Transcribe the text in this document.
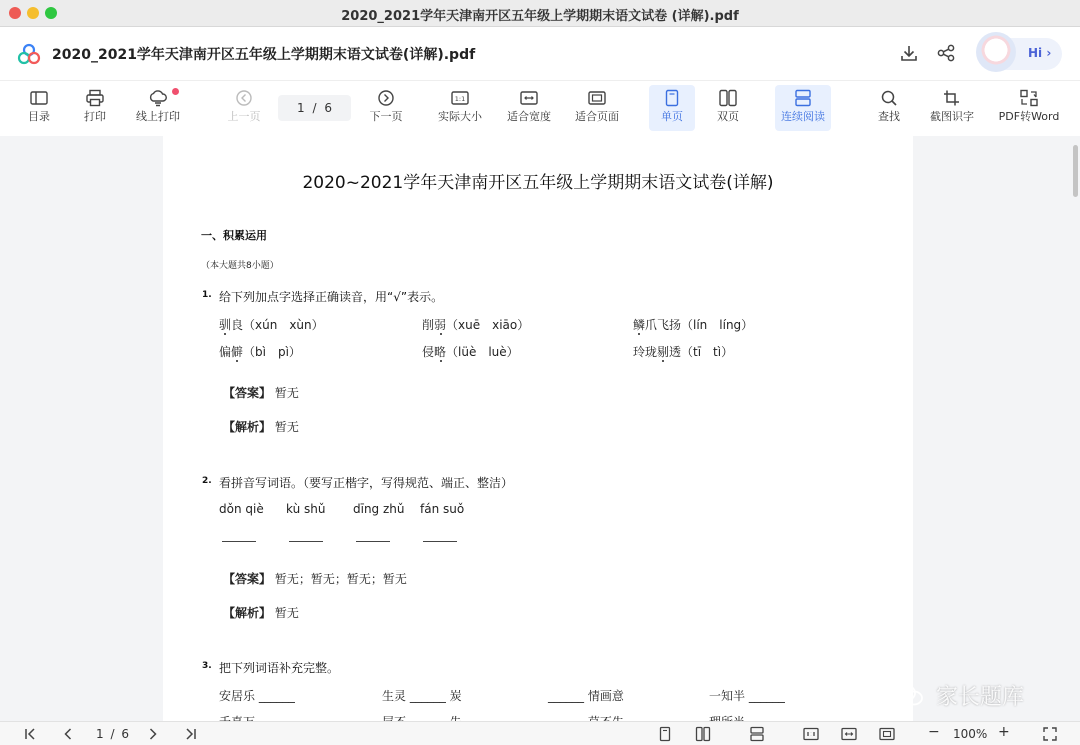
2020_2021学年天津南开区五年级上学期期末语文试卷 (详解).pdf
2020_2021学年天津南开区五年级上学期期末语文试卷(详解).pdf	Hi ›
目录	打印	线上打印	上一页	下一页
1:1
实际大小	适合宽度	适合页面	单页	双页	连续阅读	查找	截图识字	PDF转Word
1 / 6
2020~2021学年天津南开区五年级上学期期末语文试卷(详解)
一、积累运用
（本大题共8小题）
1. 给下列加点字选择正确读音，用“√”表示。
驯良（xún　xùn）	削弱（xuē　xiāo）	鳞爪飞扬（lín　líng）
偏僻（bì　pì）	侵略（lüè　luè）	玲珑剔透（tī　tì）
【答案】 暂无
【解析】 暂无
2. 看拼音写词语。（要写正楷字，写得规范、端正、整洁）
dǒn qiè kù shǔ dīng zhǔ fán suǒ
【答案】 暂无；暂无；暂无；暂无
【解析】 暂无
3. 把下列词语补充完整。
安居乐 ______	生灵 ______ 炭	______ 情画意	一知半 ______	家长题库
1 / 6	− 100% +
